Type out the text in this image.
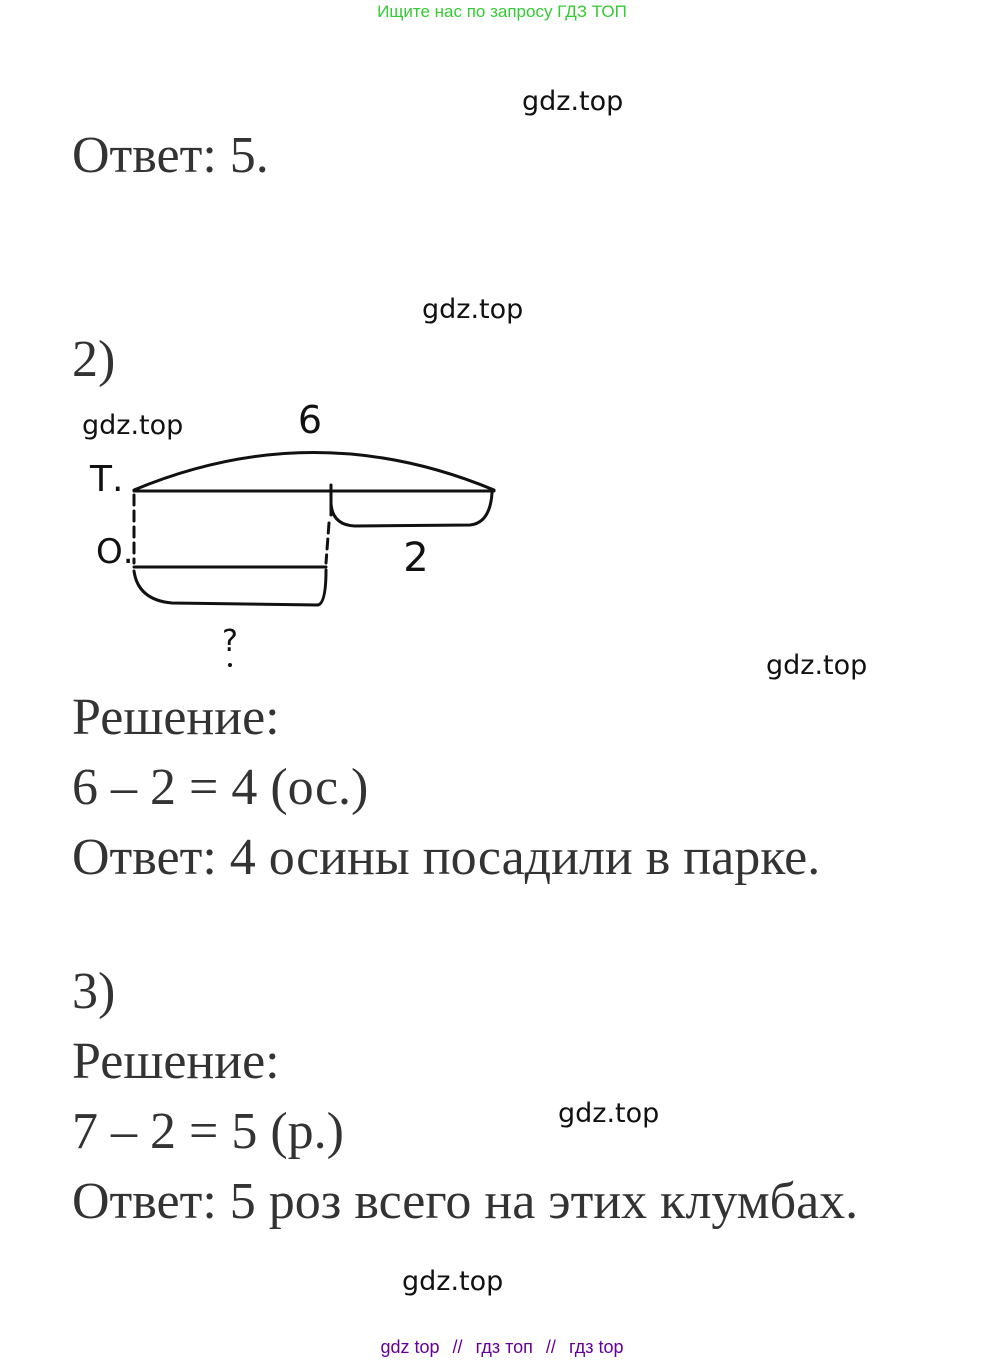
Ищите нас по запросу ГДЗ ТОП
gdz.top
Ответ: 5.
gdz.top
2)
gdz.top	6
Т.
О.	2
?
gdz.top
Решение:
6 – 2 = 4 (ос.)
Ответ: 4 осины посадили в парке.
3)
Решение:
gdz.top
7 – 2 = 5 (р.)
Ответ: 5 роз всего на этих клумбах.
gdz.top
gdz top // гдз топ // гдз top
